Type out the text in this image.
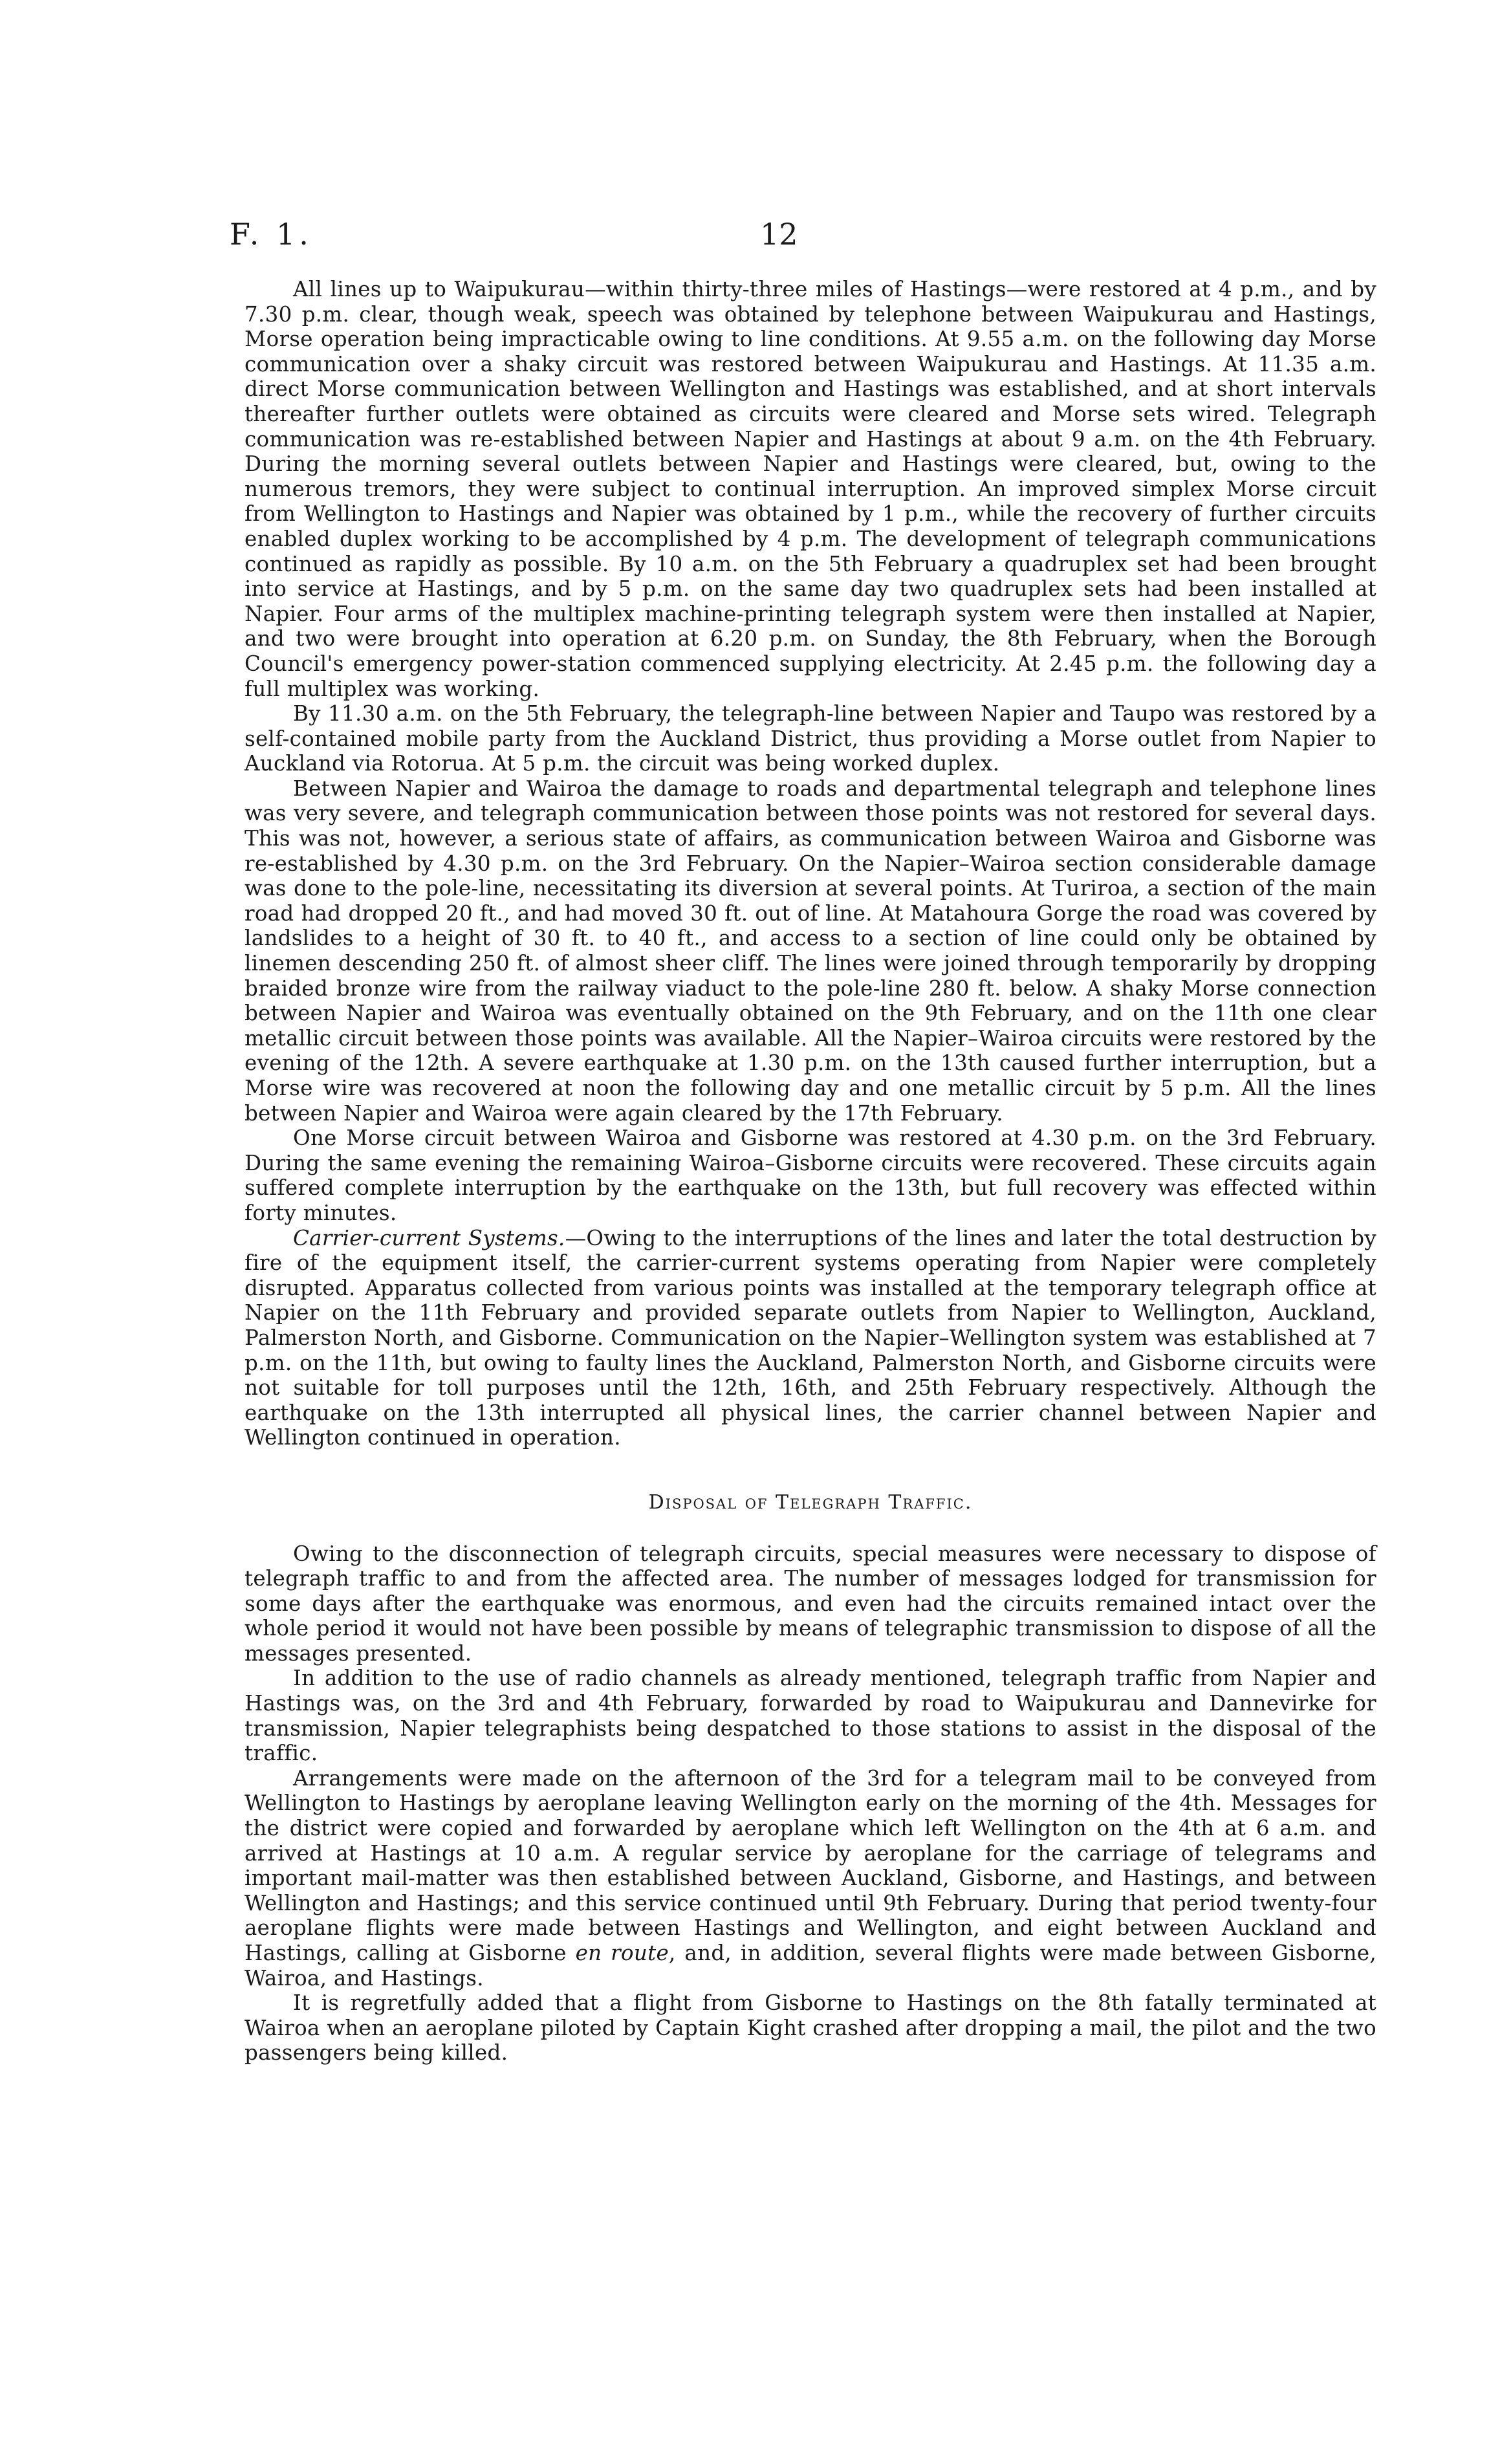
F. 1.	12

All lines up to Waipukurau—within thirty-three miles of Hastings—were restored at 4 p.m., and by 7.30 p.m. clear, though weak, speech was obtained by telephone between Waipukurau and Hastings, Morse operation being impracticable owing to line conditions. At 9.55 a.m. on the following day Morse communication over a shaky circuit was restored between Waipukurau and Hastings. At 11.35 a.m. direct Morse communication between Wellington and Hastings was established, and at short intervals thereafter further outlets were obtained as circuits were cleared and Morse sets wired. Telegraph communication was re-established between Napier and Hastings at about 9 a.m. on the 4th February. During the morning several outlets between Napier and Hastings were cleared, but, owing to the numerous tremors, they were subject to continual interruption. An improved simplex Morse circuit from Wellington to Hastings and Napier was obtained by 1 p.m., while the recovery of further circuits enabled duplex working to be accomplished by 4 p.m. The development of telegraph communications continued as rapidly as possible. By 10 a.m. on the 5th February a quadruplex set had been brought into service at Hastings, and by 5 p.m. on the same day two quadruplex sets had been installed at Napier. Four arms of the multiplex machine-printing telegraph system were then installed at Napier, and two were brought into operation at 6.20 p.m. on Sunday, the 8th February, when the Borough Council's emergency power-station commenced supplying electricity. At 2.45 p.m. the following day a full multiplex was working.

By 11.30 a.m. on the 5th February, the telegraph-line between Napier and Taupo was restored by a self-contained mobile party from the Auckland District, thus providing a Morse outlet from Napier to Auckland via Rotorua. At 5 p.m. the circuit was being worked duplex.

Between Napier and Wairoa the damage to roads and departmental telegraph and telephone lines was very severe, and telegraph communication between those points was not restored for several days. This was not, however, a serious state of affairs, as communication between Wairoa and Gisborne was re-established by 4.30 p.m. on the 3rd February. On the Napier–Wairoa section considerable damage was done to the pole-line, necessitating its diversion at several points. At Turiroa, a section of the main road had dropped 20 ft., and had moved 30 ft. out of line. At Matahoura Gorge the road was covered by landslides to a height of 30 ft. to 40 ft., and access to a section of line could only be obtained by linemen descending 250 ft. of almost sheer cliff. The lines were joined through temporarily by dropping braided bronze wire from the railway viaduct to the pole-line 280 ft. below. A shaky Morse connection between Napier and Wairoa was eventually obtained on the 9th February, and on the 11th one clear metallic circuit between those points was available. All the Napier–Wairoa circuits were restored by the evening of the 12th. A severe earthquake at 1.30 p.m. on the 13th caused further interruption, but a Morse wire was recovered at noon the following day and one metallic circuit by 5 p.m. All the lines between Napier and Wairoa were again cleared by the 17th February.

One Morse circuit between Wairoa and Gisborne was restored at 4.30 p.m. on the 3rd February. During the same evening the remaining Wairoa–Gisborne circuits were recovered. These circuits again suffered complete interruption by the earthquake on the 13th, but full recovery was effected within forty minutes.

Carrier-current Systems.—Owing to the interruptions of the lines and later the total destruction by fire of the equipment itself, the carrier-current systems operating from Napier were completely disrupted. Apparatus collected from various points was installed at the temporary telegraph office at Napier on the 11th February and provided separate outlets from Napier to Wellington, Auckland, Palmerston North, and Gisborne. Communication on the Napier–Wellington system was established at 7 p.m. on the 11th, but owing to faulty lines the Auckland, Palmerston North, and Gisborne circuits were not suitable for toll purposes until the 12th, 16th, and 25th February respectively. Although the earthquake on the 13th interrupted all physical lines, the carrier channel between Napier and Wellington continued in operation.

Disposal of Telegraph Traffic.

Owing to the disconnection of telegraph circuits, special measures were necessary to dispose of telegraph traffic to and from the affected area. The number of messages lodged for transmission for some days after the earthquake was enormous, and even had the circuits remained intact over the whole period it would not have been possible by means of telegraphic transmission to dispose of all the messages presented.

In addition to the use of radio channels as already mentioned, telegraph traffic from Napier and Hastings was, on the 3rd and 4th February, forwarded by road to Waipukurau and Dannevirke for transmission, Napier telegraphists being despatched to those stations to assist in the disposal of the traffic.

Arrangements were made on the afternoon of the 3rd for a telegram mail to be conveyed from Wellington to Hastings by aeroplane leaving Wellington early on the morning of the 4th. Messages for the district were copied and forwarded by aeroplane which left Wellington on the 4th at 6 a.m. and arrived at Hastings at 10 a.m. A regular service by aeroplane for the carriage of telegrams and important mail-matter was then established between Auckland, Gisborne, and Hastings, and between Wellington and Hastings; and this service continued until 9th February. During that period twenty-four aeroplane flights were made between Hastings and Wellington, and eight between Auckland and Hastings, calling at Gisborne en route, and, in addition, several flights were made between Gisborne, Wairoa, and Hastings.

It is regretfully added that a flight from Gisborne to Hastings on the 8th fatally terminated at Wairoa when an aeroplane piloted by Captain Kight crashed after dropping a mail, the pilot and the two passengers being killed.
